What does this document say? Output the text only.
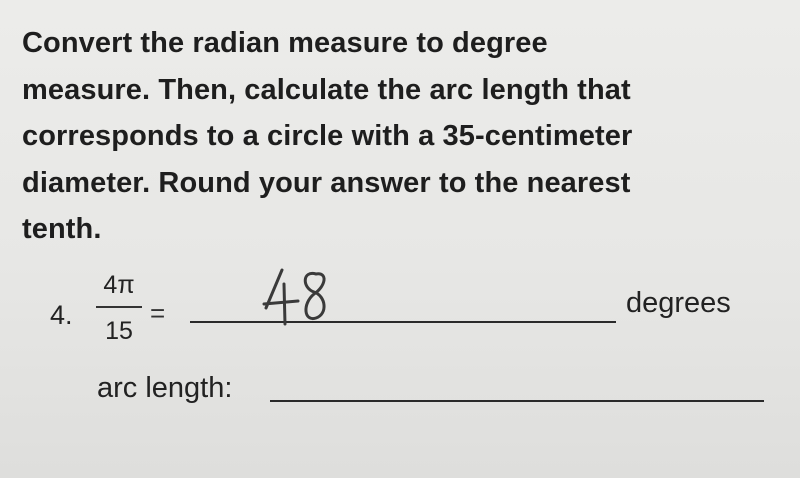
Convert the radian measure to degree
measure. Then, calculate the arc length that
corresponds to a circle with a 35-centimeter
diameter. Round your answer to the nearest
tenth.

4.
4π
15
=	degrees
arc length:
